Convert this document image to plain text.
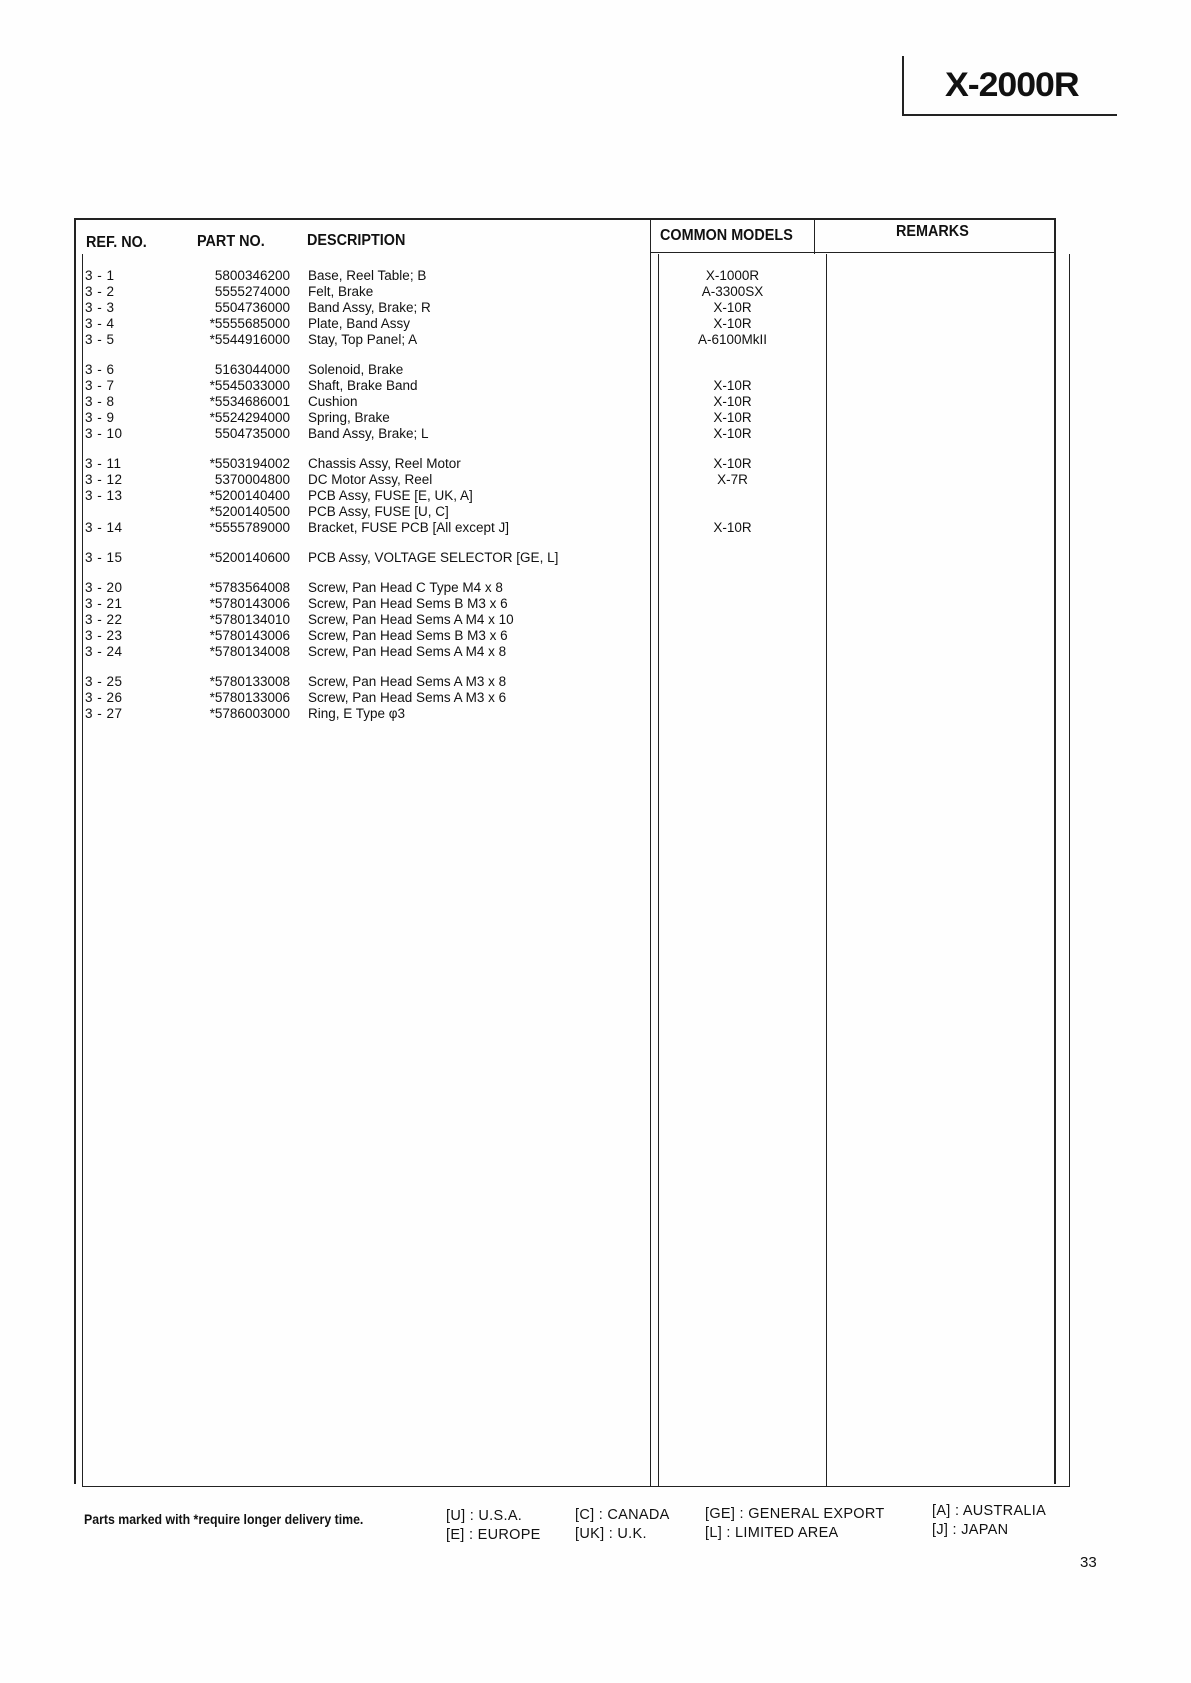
X-2000R
REF. NO.	PART NO.	DESCRIPTION	COMMON MODELS	REMARKS
3 - 1	5800346200 Base, Reel Table; B	X-1000R
3 - 2	5555274000 Felt, Brake	A-3300SX
3 - 3	5504736000 Band Assy, Brake; R	X-10R
3 - 4	*5555685000 Plate, Band Assy	X-10R
3 - 5	*5544916000 Stay, Top Panel; A	A-6100MkII
3 - 6	5163044000 Solenoid, Brake
3 - 7	*5545033000 Shaft, Brake Band	X-10R
3 - 8	*5534686001 Cushion	X-10R
3 - 9	*5524294000 Spring, Brake	X-10R
3 - 10	5504735000 Band Assy, Brake; L	X-10R
3 - 11	*5503194002 Chassis Assy, Reel Motor	X-10R
3 - 12	5370004800 DC Motor Assy, Reel	X-7R
3 - 13	*5200140400 PCB Assy, FUSE [E, UK, A]
*5200140500 PCB Assy, FUSE [U, C]
3 - 14	*5555789000 Bracket, FUSE PCB [All except J]	X-10R
3 - 15	*5200140600 PCB Assy, VOLTAGE SELECTOR [GE, L]
3 - 20	*5783564008 Screw, Pan Head C Type M4 x 8
3 - 21	*5780143006 Screw, Pan Head Sems B M3 x 6
3 - 22	*5780134010 Screw, Pan Head Sems A M4 x 10
3 - 23	*5780143006 Screw, Pan Head Sems B M3 x 6
3 - 24	*5780134008 Screw, Pan Head Sems A M4 x 8
3 - 25	*5780133008 Screw, Pan Head Sems A M3 x 8
3 - 26	*5780133006 Screw, Pan Head Sems A M3 x 6
3 - 27	*5786003000 Ring, E Type φ3
Parts marked with *require longer delivery time.	[U] : U.S.A.
[E] : EUROPE
[C] : CANADA
[UK] : U.K.
[GE] : GENERAL EXPORT
[L] : LIMITED AREA
[A] : AUSTRALIA
[J] : JAPAN
33
